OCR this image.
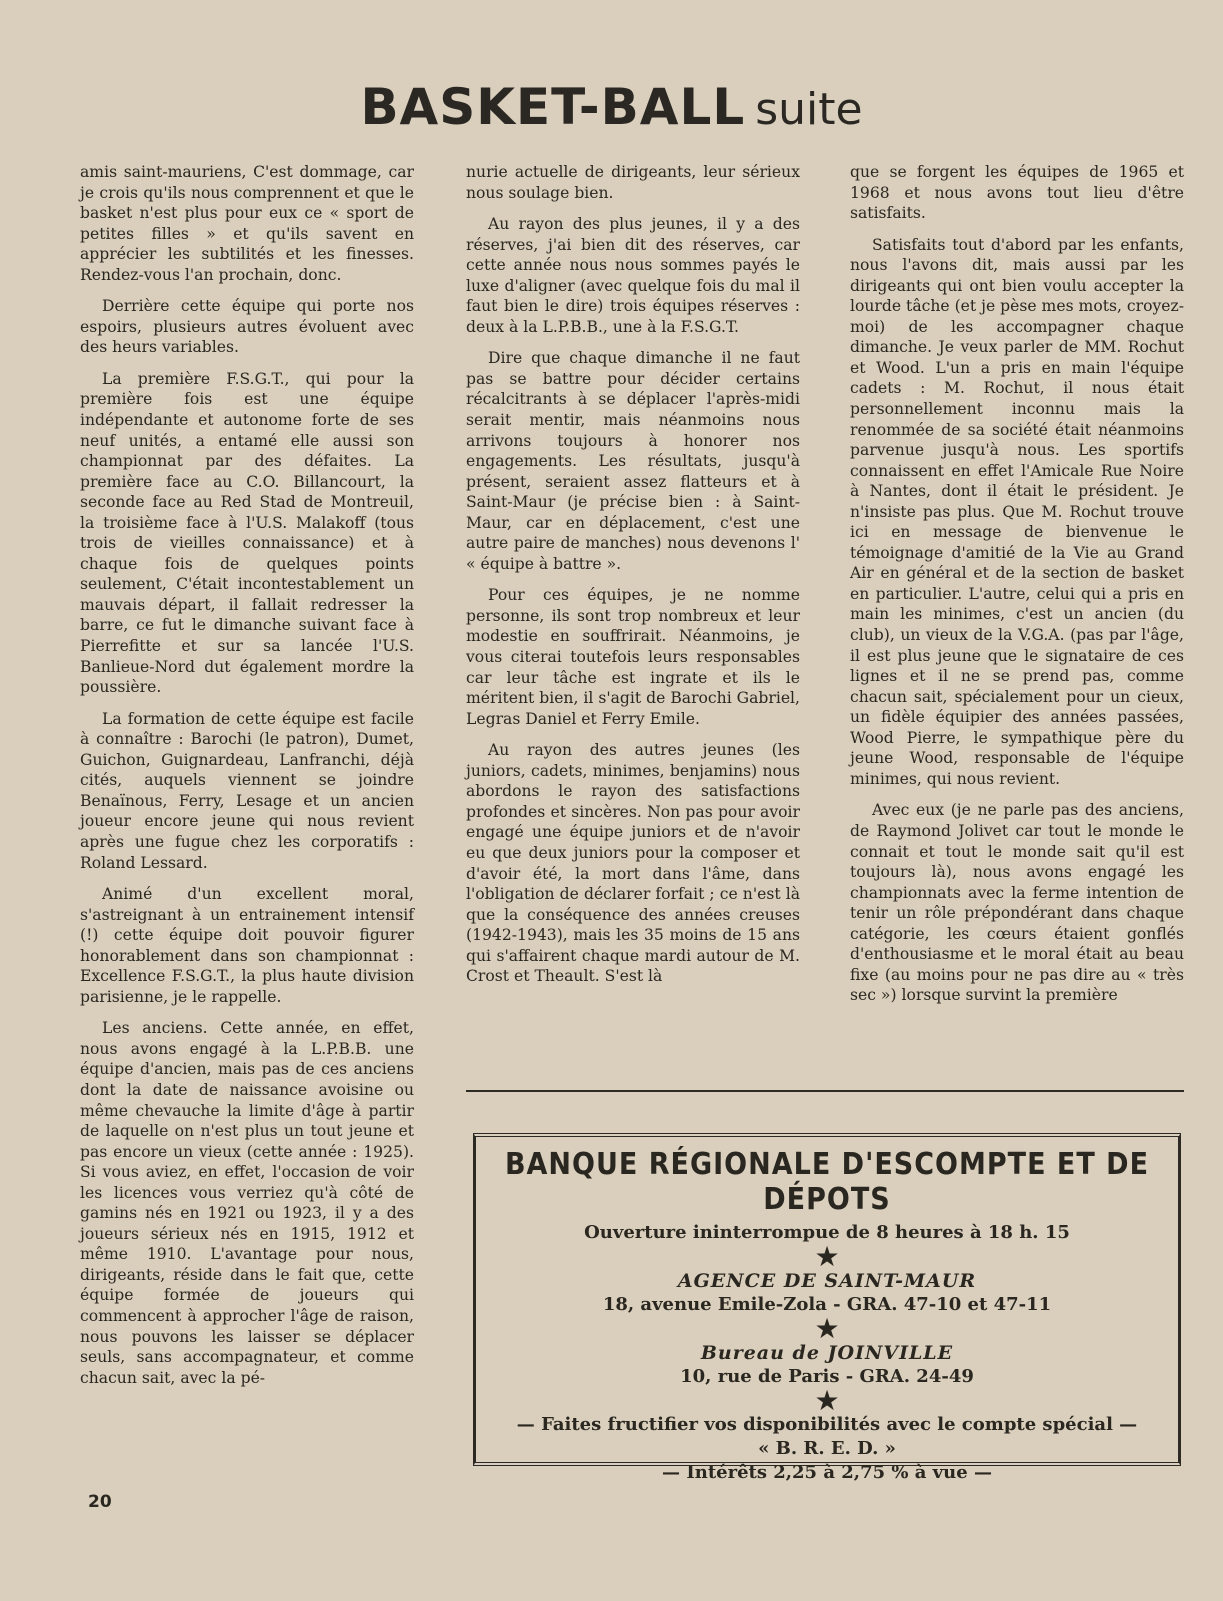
BASKET-BALL suite

amis saint-mauriens, C'est dommage, car je crois qu'ils nous comprennent et que le basket n'est plus pour eux ce « sport de petites filles » et qu'ils savent en apprécier les subtilités et les finesses. Rendez-vous l'an prochain, donc.

Derrière cette équipe qui porte nos espoirs, plusieurs autres évoluent avec des heurs variables.

La première F.S.G.T., qui pour la première fois est une équipe indépendante et autonome forte de ses neuf unités, a entamé elle aussi son championnat par des défaites. La première face au C.O. Billancourt, la seconde face au Red Stad de Montreuil, la troisième face à l'U.S. Malakoff (tous trois de vieilles connaissance) et à chaque fois de quelques points seulement, C'était incontestablement un mauvais départ, il fallait redresser la barre, ce fut le dimanche suivant face à Pierrefitte et sur sa lancée l'U.S. Banlieue-Nord dut également mordre la poussière.

La formation de cette équipe est facile à connaître : Barochi (le patron), Dumet, Guichon, Guignardeau, Lanfranchi, déjà cités, auquels viennent se joindre Benaïnous, Ferry, Lesage et un ancien joueur encore jeune qui nous revient après une fugue chez les corporatifs : Roland Lessard.

Animé d'un excellent moral, s'astreignant à un entrainement intensif (!) cette équipe doit pouvoir figurer honorablement dans son championnat : Excellence F.S.G.T., la plus haute division parisienne, je le rappelle.

Les anciens. Cette année, en effet, nous avons engagé à la L.P.B.B. une équipe d'ancien, mais pas de ces anciens dont la date de naissance avoisine ou même chevauche la limite d'âge à partir de laquelle on n'est plus un tout jeune et pas encore un vieux (cette année : 1925). Si vous aviez, en effet, l'occasion de voir les licences vous verriez qu'à côté de gamins nés en 1921 ou 1923, il y a des joueurs sérieux nés en 1915, 1912 et même 1910. L'avantage pour nous, dirigeants, réside dans le fait que, cette équipe formée de joueurs qui commencent à approcher l'âge de raison, nous pouvons les laisser se déplacer seuls, sans accompagnateur, et comme chacun sait, avec la pé-

nurie actuelle de dirigeants, leur sérieux nous soulage bien.

Au rayon des plus jeunes, il y a des réserves, j'ai bien dit des réserves, car cette année nous nous sommes payés le luxe d'aligner (avec quelque fois du mal il faut bien le dire) trois équipes réserves : deux à la L.P.B.B., une à la F.S.G.T.

Dire que chaque dimanche il ne faut pas se battre pour décider certains récalcitrants à se déplacer l'après-midi serait mentir, mais néanmoins nous arrivons toujours à honorer nos engagements. Les résultats, jusqu'à présent, seraient assez flatteurs et à Saint-Maur (je précise bien : à Saint-Maur, car en déplacement, c'est une autre paire de manches) nous devenons l' « équipe à battre ».

Pour ces équipes, je ne nomme personne, ils sont trop nombreux et leur modestie en souffrirait. Néanmoins, je vous citerai toutefois leurs responsables car leur tâche est ingrate et ils le méritent bien, il s'agit de Barochi Gabriel, Legras Daniel et Ferry Emile.

Au rayon des autres jeunes (les juniors, cadets, minimes, benjamins) nous abordons le rayon des satisfactions profondes et sincères. Non pas pour avoir engagé une équipe juniors et de n'avoir eu que deux juniors pour la composer et d'avoir été, la mort dans l'âme, dans l'obligation de déclarer forfait ; ce n'est là que la conséquence des années creuses (1942-1943), mais les 35 moins de 15 ans qui s'affairent chaque mardi autour de M. Crost et Theault. S'est là

que se forgent les équipes de 1965 et 1968 et nous avons tout lieu d'être satisfaits.

Satisfaits tout d'abord par les enfants, nous l'avons dit, mais aussi par les dirigeants qui ont bien voulu accepter la lourde tâche (et je pèse mes mots, croyez-moi) de les accompagner chaque dimanche. Je veux parler de MM. Rochut et Wood. L'un a pris en main l'équipe cadets : M. Rochut, il nous était personnellement inconnu mais la renommée de sa société était néanmoins parvenue jusqu'à nous. Les sportifs connaissent en effet l'Amicale Rue Noire à Nantes, dont il était le président. Je n'insiste pas plus. Que M. Rochut trouve ici en message de bienvenue le témoignage d'amitié de la Vie au Grand Air en général et de la section de basket en particulier. L'autre, celui qui a pris en main les minimes, c'est un ancien (du club), un vieux de la V.G.A. (pas par l'âge, il est plus jeune que le signataire de ces lignes et il ne se prend pas, comme chacun sait, spécialement pour un cieux, un fidèle équipier des années passées, Wood Pierre, le sympathique père du jeune Wood, responsable de l'équipe minimes, qui nous revient.

Avec eux (je ne parle pas des anciens, de Raymond Jolivet car tout le monde le connait et tout le monde sait qu'il est toujours là), nous avons engagé les championnats avec la ferme intention de tenir un rôle prépondérant dans chaque catégorie, les cœurs étaient gonflés d'enthousiasme et le moral était au beau fixe (au moins pour ne pas dire au « très sec ») lorsque survint la première

BANQUE RÉGIONALE D'ESCOMPTE ET DE DÉPOTS
Ouverture ininterrompue de 8 heures à 18 h. 15
★
AGENCE DE SAINT-MAUR
18, avenue Emile-Zola - GRA. 47-10 et 47-11
★
Bureau de JOINVILLE
10, rue de Paris - GRA. 24-49
★
— Faites fructifier vos disponibilités avec le compte spécial —
« B. R. E. D. »
— Intérêts 2,25 à 2,75 % à vue —
20
